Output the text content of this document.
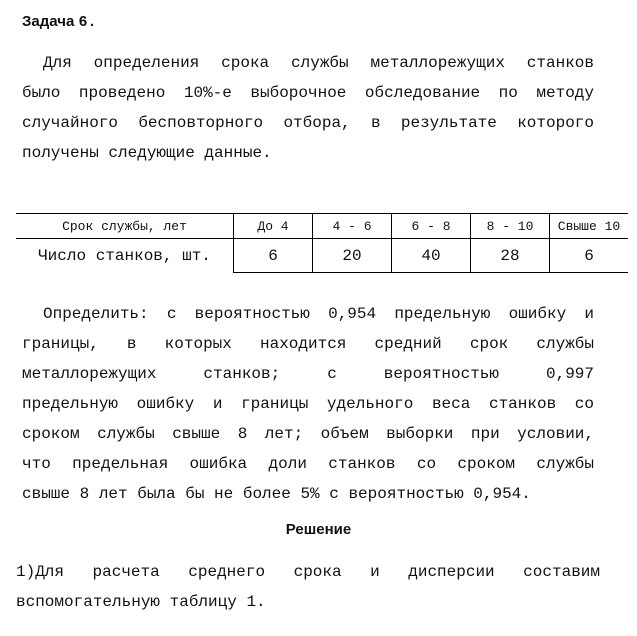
Задача 6.
Для определения срока службы металлорежущих станков
было проведено 10%-е выборочное обследование по методу
случайного бесповторного отбора, в результате которого
получены следующие данные.
Срок службы, лет	До 4	4 - 6	6 - 8	8 - 10	Свыше 10
Число станков, шт.	6	20	40	28	6
Определить: с вероятностью 0,954 предельную ошибку и
границы, в которых находится средний срок службы
металлорежущих станков; с вероятностью 0,997
предельную ошибку и границы удельного веса станков со
сроком службы свыше 8 лет; объем выборки при условии,
что предельная ошибка доли станков со сроком службы
свыше 8 лет была бы не более 5% с вероятностью 0,954.
Решение
1)Для расчета среднего срока и дисперсии составим
вспомогательную таблицу 1.
